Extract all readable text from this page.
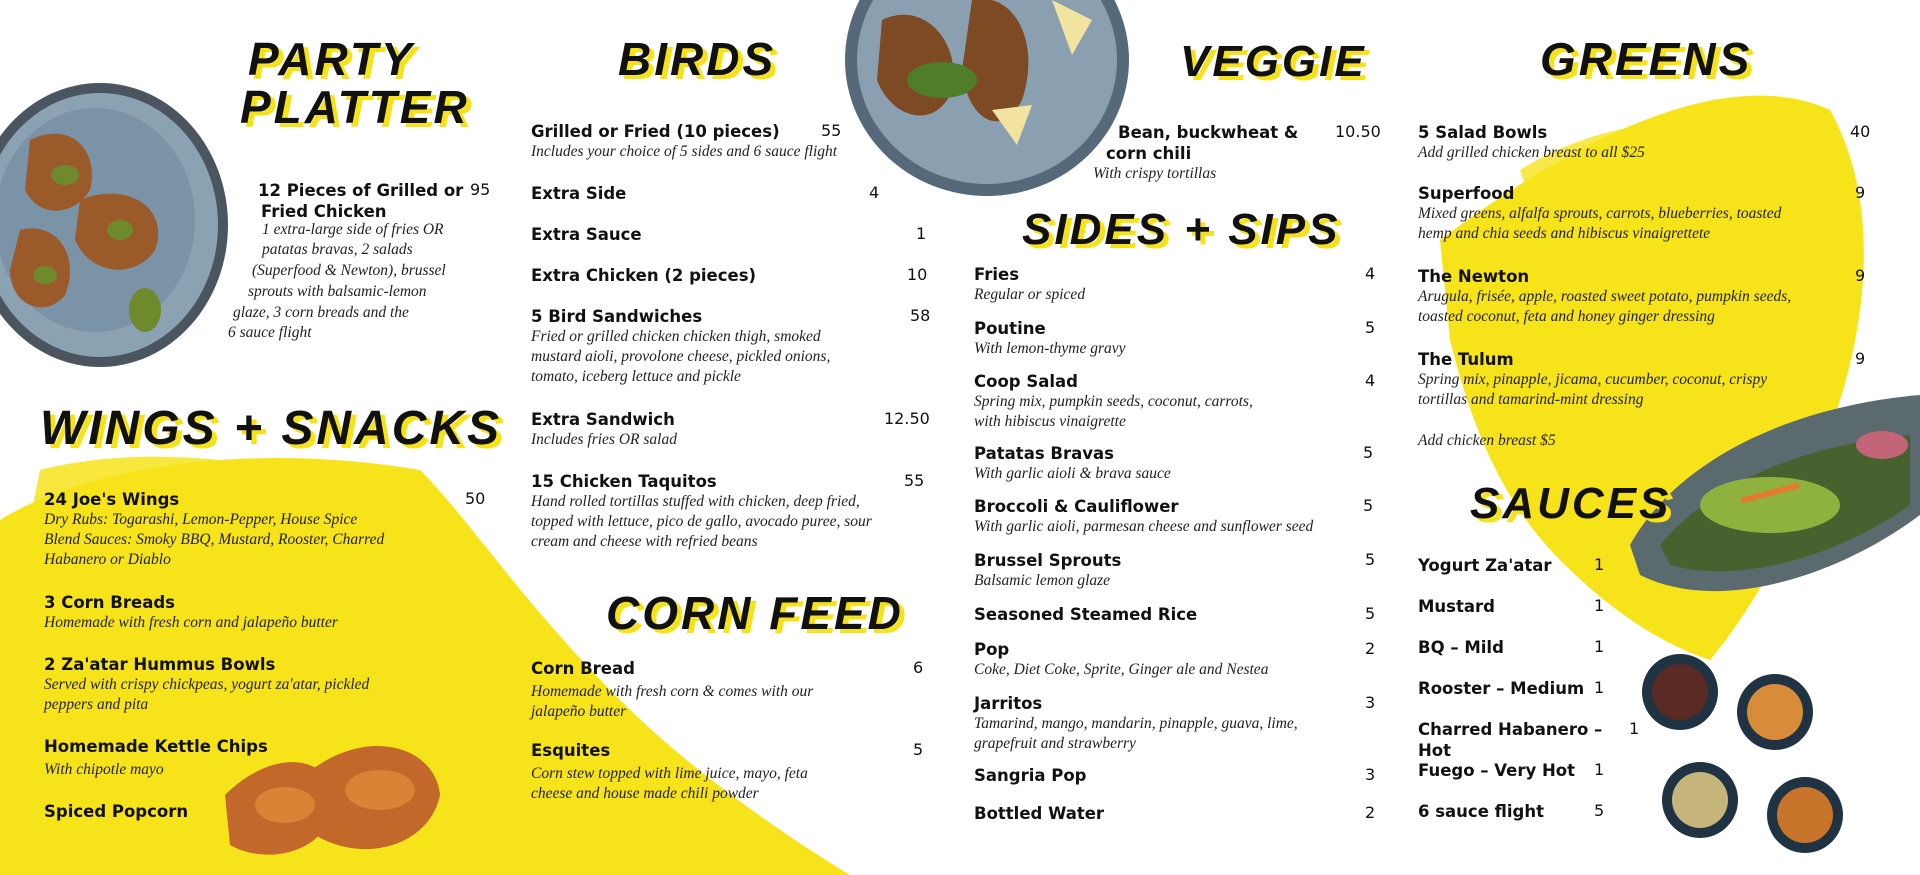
PARTY
PLATTER
BIRDS	VEGGIE	GREENS
WINGS + SNACKS
SIDES + SIPS
CORN FEED
SAUCES
12 Pieces of Grilled or
Fried Chicken
95
1 extra-large side of fries OR
patatas bravas, 2 salads
(Superfood & Newton), brussel
sprouts with balsamic-lemon
glaze, 3 corn breads and the
6 sauce flight
24 Joe's Wings	50
Dry Rubs: Togarashi, Lemon-Pepper, House Spice
Blend Sauces: Smoky BBQ, Mustard, Rooster, Charred
Habanero or Diablo
3 Corn Breads
Homemade with fresh corn and jalapeño butter
2 Za'atar Hummus Bowls
Served with crispy chickpeas, yogurt za'atar, pickled
peppers and pita
Homemade Kettle Chips
With chipotle mayo
Spiced Popcorn
Grilled or Fried (10 pieces)	55
Includes your choice of 5 sides and 6 sauce flight
Extra Side	4
Extra Sauce	1
Extra Chicken (2 pieces)	10
5 Bird Sandwiches	58
Fried or grilled chicken chicken thigh, smoked
mustard aioli, provolone cheese, pickled onions,
tomato, iceberg lettuce and pickle
Extra Sandwich	12.50
Includes fries OR salad
15 Chicken Taquitos	55
Hand rolled tortillas stuffed with chicken, deep fried,
topped with lettuce, pico de gallo, avocado puree, sour
cream and cheese with refried beans
Corn Bread	6
Homemade with fresh corn & comes with our
jalapeño butter
Esquites	5
Corn stew topped with lime juice, mayo, feta
cheese and house made chili powder
Bean, buckwheat &
corn chili
10.50
With crispy tortillas
Fries	4
Regular or spiced
Poutine	5
With lemon-thyme gravy
Coop Salad	4
Spring mix, pumpkin seeds, coconut, carrots,
with hibiscus vinaigrette
Patatas Bravas	5
With garlic aioli & brava sauce
Broccoli & Cauliflower	5
With garlic aioli, parmesan cheese and sunflower seed
Brussel Sprouts	5
Balsamic lemon glaze
Seasoned Steamed Rice	5
Pop	2
Coke, Diet Coke, Sprite, Ginger ale and Nestea
Jarritos	3
Tamarind, mango, mandarin, pinapple, guava, lime,
grapefruit and strawberry
Sangria Pop	3
Bottled Water	2
5 Salad Bowls	40
Add grilled chicken breast to all $25
Superfood	9
Mixed greens, alfalfa sprouts, carrots, blueberries, toasted
hemp and chia seeds and hibiscus vinaigrettete
The Newton	9
Arugula, frisée, apple, roasted sweet potato, pumpkin seeds,
toasted coconut, feta and honey ginger dressing
The Tulum	9
Spring mix, pinapple, jicama, cucumber, coconut, crispy
tortillas and tamarind-mint dressing
Add chicken breast $5
Yogurt Za'atar	1
Mustard	1
BQ – Mild	1
Rooster – Medium 1
Charred Habanero – Hot
1
Fuego – Very Hot	1
6 sauce flight	5
